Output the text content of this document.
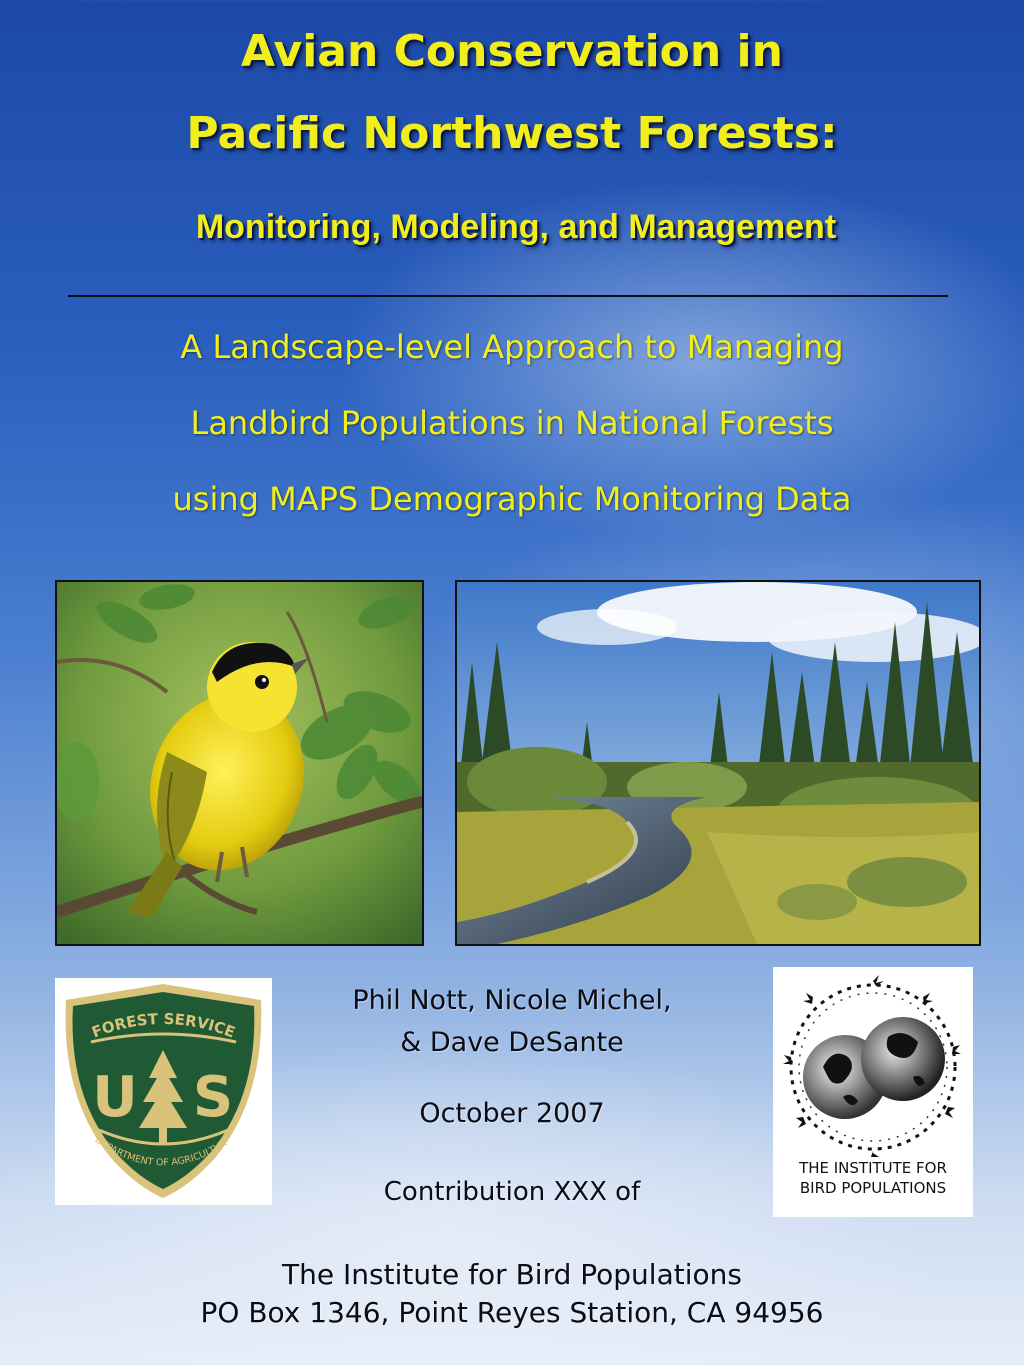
Avian Conservation in
Pacific Northwest Forests:
Monitoring, Modeling, and Management
A Landscape-level Approach to Managing
Landbird Populations in National Forests
using MAPS Demographic Monitoring Data
FOREST SERVICE
U S
DEPARTMENT OF AGRICULTUR
Phil Nott, Nicole Michel,
& Dave DeSante
October 2007
Contribution XXX of
THE INSTITUTE FOR
BIRD POPULATIONS
The Institute for Bird Populations
PO Box 1346, Point Reyes Station, CA 94956
